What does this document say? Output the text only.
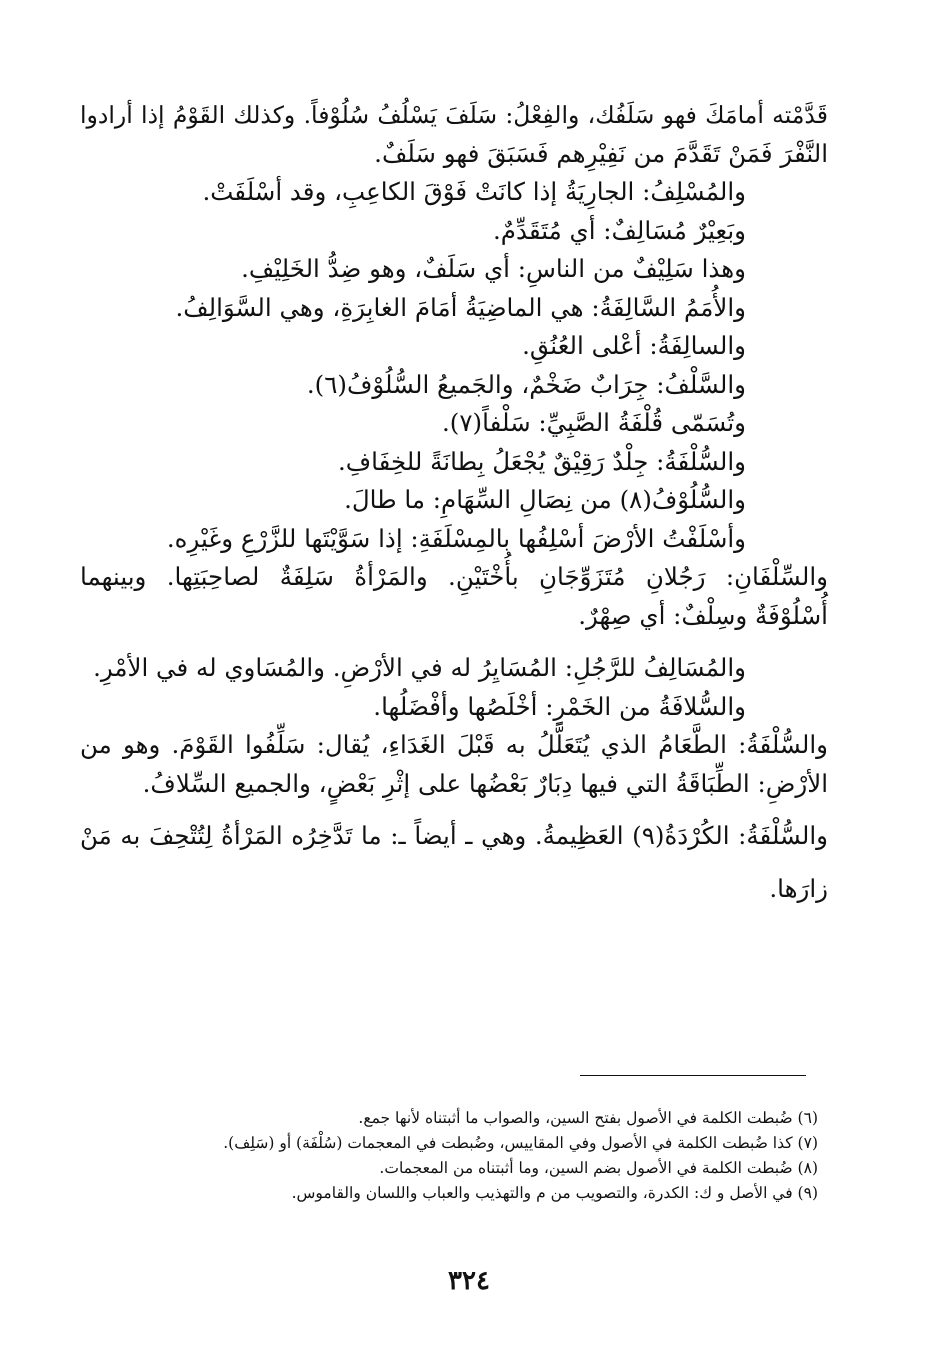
قَدَّمْته أمامَكَ فهو سَلَفُك، والفِعْلُ: سَلَفَ يَسْلُفُ سُلُوْفاً. وكذلك القَوْمُ إذا أرادوا
النَّفْرَ فَمَنْ تَقَدَّمَ من نَفِيْرِهم فَسَبَقَ فهو سَلَفٌ.
والمُسْلِفُ: الجارِيَةُ إذا كانَتْ فَوْقَ الكاعِبِ، وقد أسْلَفَتْ.
وبَعِيْرٌ مُسَالِفٌ: أي مُتَقَدِّمٌ.
وهذا سَلِيْفٌ من الناسِ: أي سَلَفٌ، وهو ضِدُّ الخَلِيْفِ.
والأُمَمُ السَّالِفَةُ: هي الماضِيَةُ أمَامَ الغابِرَةِ، وهي السَّوَالِفُ.
والسالِفَةُ: أعْلى العُنُقِ.
والسَّلْفُ: جِرَابٌ ضَخْمٌ، والجَميعُ السُّلُوْفُ(٦).
وتُسَمّى قُلْفَةُ الصَّبِيِّ: سَلْفاً(٧).
والسُّلْفَةُ: جِلْدٌ رَقِيْقٌ يُجْعَلُ بِطانَةً للخِفَافِ.
والسُّلُوْفُ(٨) من نِصَالِ السِّهَامِ: ما طالَ.
وأسْلَفْتُ الأرْضَ أسْلِفُها بالمِسْلَفَةِ: إذا سَوَّيْتَها للزَّرْعِ وغَيْرِه.
والسِّلْفَانِ: رَجُلانِ مُتَزَوِّجَانِ بأُخْتَيْنِ. والمَرْأةُ سَلِفَةٌ لصاحِبَتِها. وبينهما
أُسْلُوْفَةٌ وسِلْفٌ: أي صِهْرٌ.
والمُسَالِفُ للرَّجُلِ: المُسَايِرُ له في الأرْضِ. والمُسَاوي له في الأمْرِ.
والسُّلافَةُ من الخَمْرِ: أخْلَصُها وأفْضَلُها.
والسُّلْفَةُ: الطَّعَامُ الذي يُتَعَلَّلُ به قَبْلَ الغَدَاءِ، يُقال: سَلِّفُوا القَوْمَ. وهو من
الأرْضِ: الطِّبَاقَةُ التي فيها دِبَارٌ بَعْضُها على إثْرِ بَعْضٍ، والجميع السِّلافُ.
والسُّلْفَةُ: الكُرْدَةُ(٩) العَظِيمةُ. وهي ـ أيضاً ـ: ما تَدَّخِرُه المَرْأةُ لِتُتْحِفَ به مَنْ
زارَها.
(٦) ضُبطت الكلمة في الأصول بفتح السين، والصواب ما أثبتناه لأنها جمع.
(٧) كذا ضُبطت الكلمة في الأصول وفي المقاييس، وضُبطت في المعجمات (سُلْفَة) أو (سَلِف).
(٨) ضُبطت الكلمة في الأصول بضم السين، وما أثبتناه من المعجمات.
(٩) في الأصل و ك: الكدرة، والتصويب من م والتهذيب والعباب واللسان والقاموس.
٣٢٤
